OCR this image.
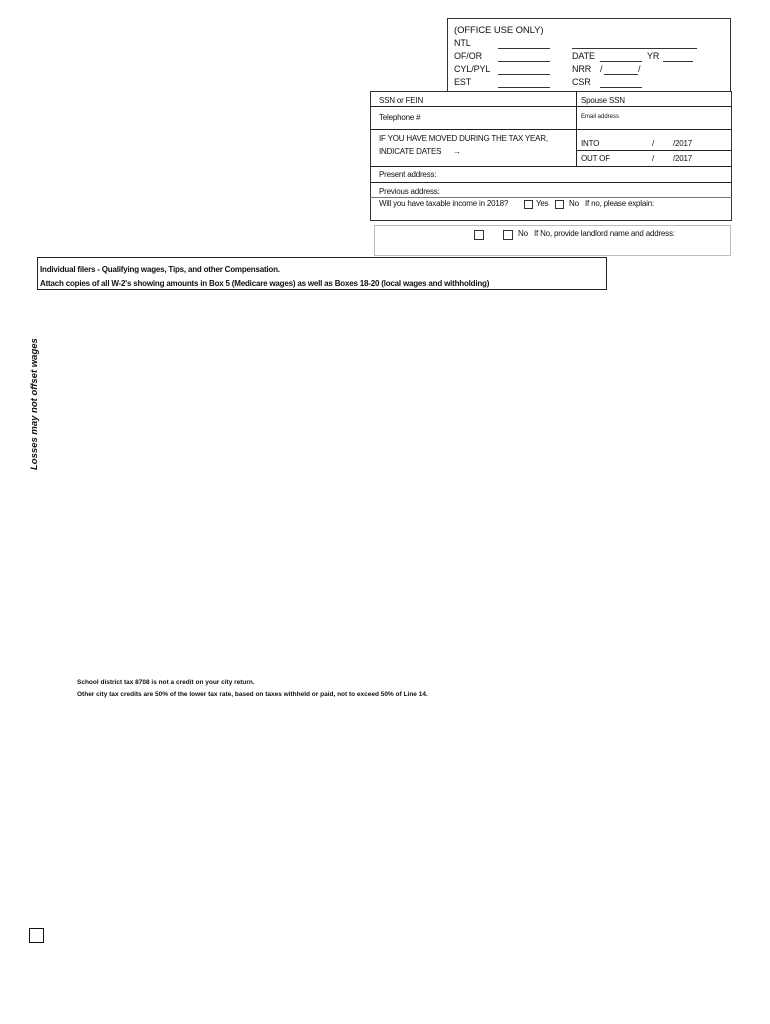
(OFFICE USE ONLY)
NTL
OF/OR	DATE	YR
CYL/PYL	NRR /	/
EST	CSR
SSN or FEIN	Spouse SSN
Telephone #	Email address
IF YOU HAVE MOVED DURING THE TAX YEAR,
INDICATE DATES →
INTO	/ /2017
OUT OF	/ /2017
Present address:
Previous address:
Will you have taxable income in 2018?	Yes	No If no, please explain:
No If No, provide landlord name and address:
Individual filers - Qualifying wages, Tips, and other Compensation.
Attach copies of all W-2's showing amounts in Box 5 (Medicare wages) as well as Boxes 18-20 (local wages and withholding)
Losses may not offset wages
School district tax 8708 is not a credit on your city return.
Other city tax credits are 50% of the lower tax rate, based on taxes withheld or paid, not to exceed 50% of Line 14.
